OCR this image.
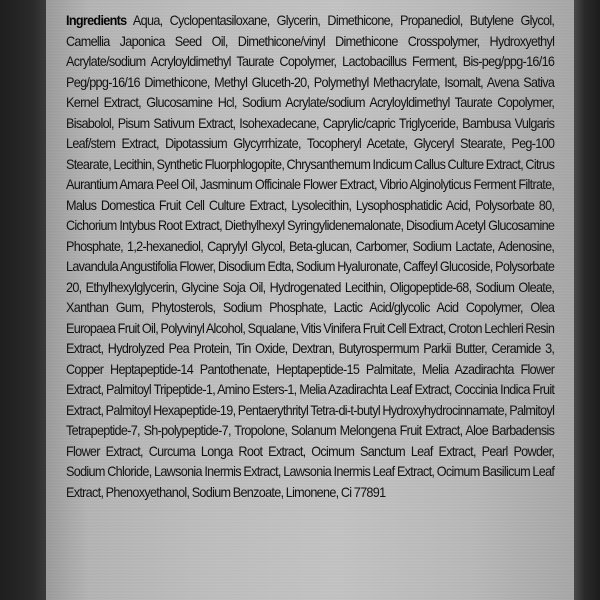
Ingredients Aqua, Cyclopentasiloxane, Glycerin, Dimethicone, Propanediol, Butylene Glycol, Camellia Japonica Seed Oil, Dimethicone/vinyl Dimethicone Crosspolymer, Hydroxyethyl Acrylate/sodium Acryloyldimethyl Taurate Copolymer, Lactobacillus Ferment, Bis-peg/ppg-16/16 Peg/ppg-16/16 Dimethicone, Methyl Gluceth-20, Polymethyl Methacrylate, Isomalt, Avena Sativa Kernel Extract, Glucosamine Hcl, Sodium Acrylate/sodium Acryloyldimethyl Taurate Copolymer, Bisabolol, Pisum Sativum Extract, Isohexadecane, Caprylic/capric Triglyceride, Bambusa Vulgaris Leaf/stem Extract, Dipotassium Glycyrrhizate, Tocopheryl Acetate, Glyceryl Stearate, Peg-100 Stearate, Lecithin, Synthetic Fluorphlogopite, Chrysanthemum Indicum Callus Culture Extract, Citrus Aurantium Amara Peel Oil, Jasminum Officinale Flower Extract, Vibrio Alginolyticus Ferment Filtrate, Malus Domestica Fruit Cell Culture Extract, Lysolecithin, Lysophosphatidic Acid, Polysorbate 80, Cichorium Intybus Root Extract, Diethylhexyl Syringylidenemalonate, Disodium Acetyl Glucosamine Phosphate, 1,2-hexanediol, Caprylyl Glycol, Beta-glucan, Carbomer, Sodium Lactate, Adenosine, Lavandula Angustifolia Flower, Disodium Edta, Sodium Hyaluronate, Caffeyl Glucoside, Polysorbate 20, Ethylhexylglycerin, Glycine Soja Oil, Hydrogenated Lecithin, Oligopeptide-68, Sodium Oleate, Xanthan Gum, Phytosterols, Sodium Phosphate, Lactic Acid/glycolic Acid Copolymer, Olea Europaea Fruit Oil, Polyvinyl Alcohol, Squalane, Vitis Vinifera Fruit Cell Extract, Croton Lechleri Resin Extract, Hydrolyzed Pea Protein, Tin Oxide, Dextran, Butyrospermum Parkii Butter, Ceramide 3, Copper Heptapeptide-14 Pantothenate, Heptapeptide-15 Palmitate, Melia Azadirachta Flower Extract, Palmitoyl Tripeptide-1, Amino Esters-1, Melia Azadirachta Leaf Extract, Coccinia Indica Fruit Extract, Palmitoyl Hexapeptide-19, Pentaerythrityl Tetra-di-t-butyl Hydroxyhydrocinnamate, Palmitoyl Tetrapeptide-7, Sh-polypeptide-7, Tropolone, Solanum Melongena Fruit Extract, Aloe Barbadensis Flower Extract, Curcuma Longa Root Extract, Ocimum Sanctum Leaf Extract, Pearl Powder, Sodium Chloride, Lawsonia Inermis Extract, Lawsonia Inermis Leaf Extract, Ocimum Basilicum Leaf Extract, Phenoxyethanol, Sodium Benzoate, Limonene, Ci 77891
